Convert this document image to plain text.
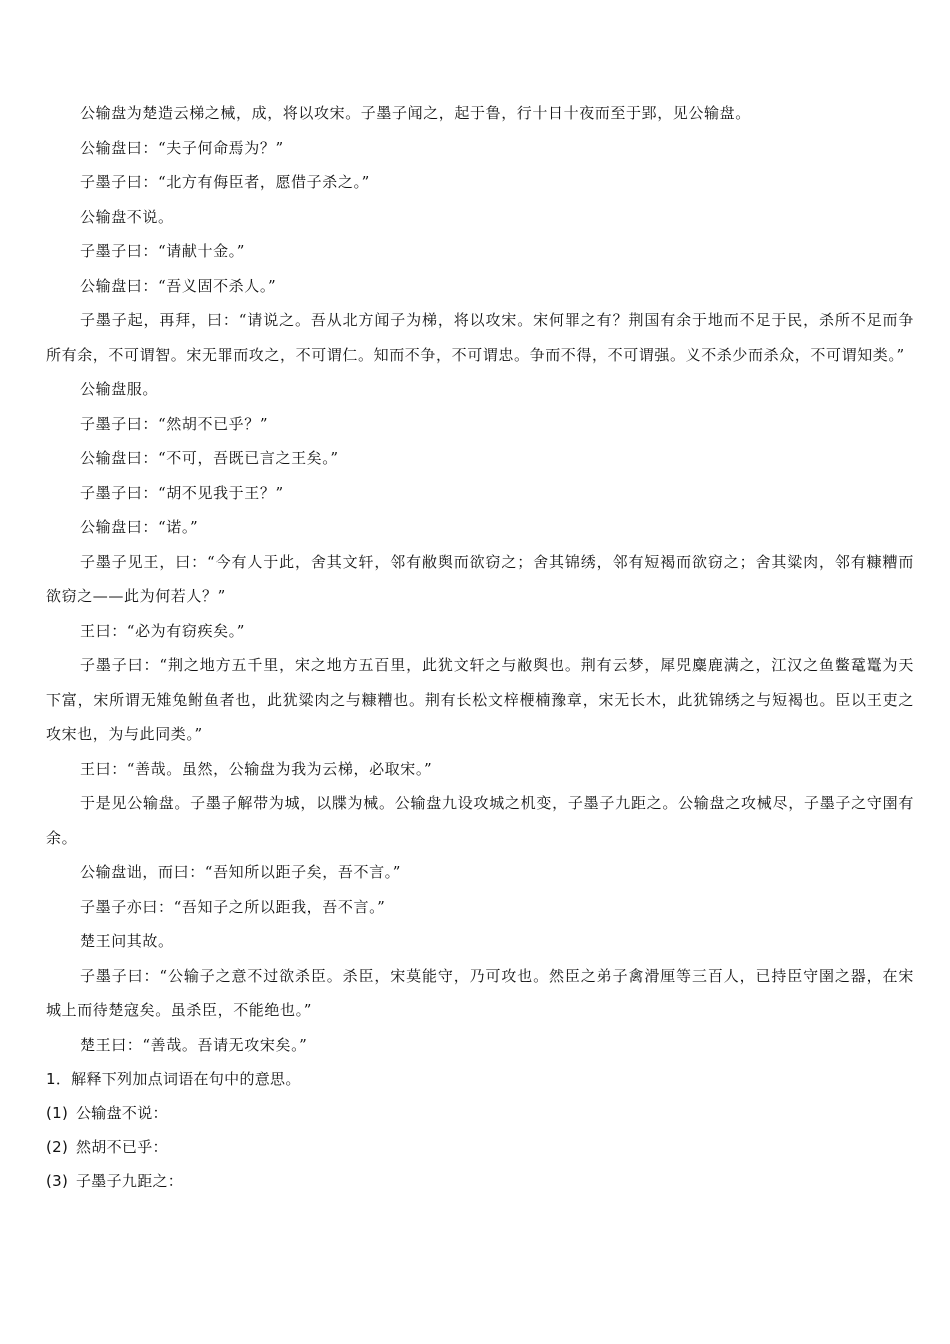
公输盘为楚造云梯之械，成，将以攻宋。子墨子闻之，起于鲁，行十日十夜而至于郢，见公输盘。

公输盘曰：“夫子何命焉为？”

子墨子曰：“北方有侮臣者，愿借子杀之。”

公输盘不说。

子墨子曰：“请献十金。”

公输盘曰：“吾义固不杀人。”

子墨子起，再拜，曰：“请说之。吾从北方闻子为梯，将以攻宋。宋何罪之有？荆国有余于地而不足于民，杀所不足而争所有余，不可谓智。宋无罪而攻之，不可谓仁。知而不争，不可谓忠。争而不得，不可谓强。义不杀少而杀众，不可谓知类。”

公输盘服。

子墨子曰：“然胡不已乎？”

公输盘曰：“不可，吾既已言之王矣。”

子墨子曰：“胡不见我于王？”

公输盘曰：“诺。”

子墨子见王，曰：“今有人于此，舍其文轩，邻有敝舆而欲窃之；舍其锦绣，邻有短褐而欲窃之；舍其粱肉，邻有糠糟而欲窃之——此为何若人？”

王曰：“必为有窃疾矣。”

子墨子曰：“荆之地方五千里，宋之地方五百里，此犹文轩之与敝舆也。荆有云梦，犀兕麋鹿满之，江汉之鱼鳖鼋鼍为天下富，宋所谓无雉兔鲋鱼者也，此犹粱肉之与糠糟也。荆有长松文梓楩楠豫章，宋无长木，此犹锦绣之与短褐也。臣以王吏之攻宋也，为与此同类。”

王曰：“善哉。虽然，公输盘为我为云梯，必取宋。”

于是见公输盘。子墨子解带为城，以牒为械。公输盘九设攻城之机变，子墨子九距之。公输盘之攻械尽，子墨子之守圉有余。

公输盘诎，而曰：“吾知所以距子矣，吾不言。”

子墨子亦曰：“吾知子之所以距我，吾不言。”

楚王问其故。

子墨子曰：“公输子之意不过欲杀臣。杀臣，宋莫能守，乃可攻也。然臣之弟子禽滑厘等三百人，已持臣守圉之器，在宋城上而待楚寇矣。虽杀臣，不能绝也。”

楚王曰：“善哉。吾请无攻宋矣。”

1．解释下列加点词语在句中的意思。

(1) 公输盘不说：

(2) 然胡不已乎：

(3) 子墨子九距之：
